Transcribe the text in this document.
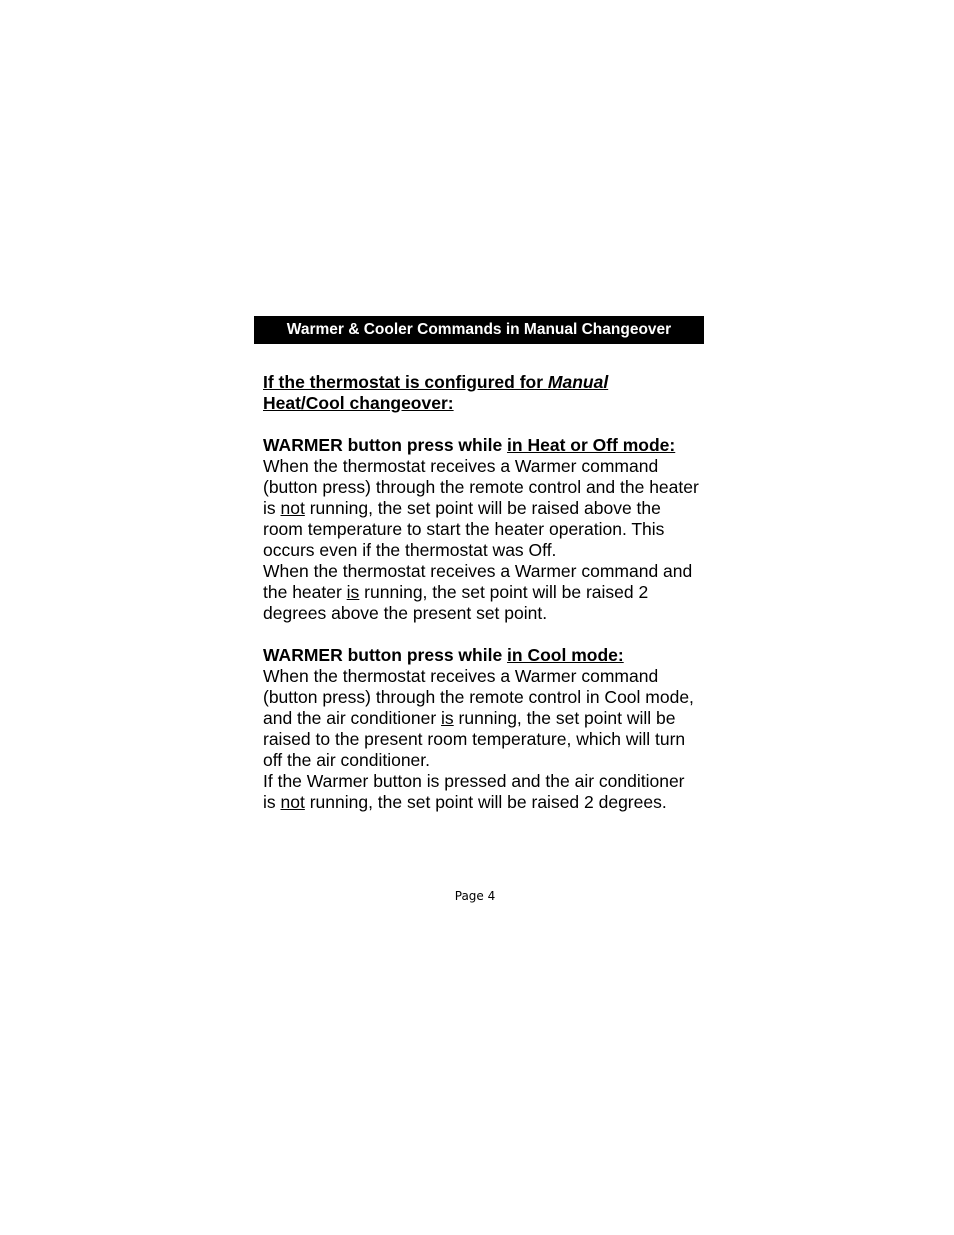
Warmer & Cooler Commands in Manual Changeover

If the thermostat is configured for Manual
Heat/Cool changeover:

WARMER button press while in Heat or Off mode:

When the thermostat receives a Warmer command (button press) through the remote control and the heater is not running, the set point will be raised above the room temperature to start the heater operation. This occurs even if the thermostat was Off.

When the thermostat receives a Warmer command and the heater is running, the set point will be raised 2 degrees above the present set point.

WARMER button press while in Cool mode:

When the thermostat receives a Warmer command (button press) through the remote control in Cool mode, and the air conditioner is running, the set point will be raised to the present room temperature, which will turn off the air conditioner.

If the Warmer button is pressed and the air conditioner is not running, the set point will be raised 2 degrees.

Page 4
